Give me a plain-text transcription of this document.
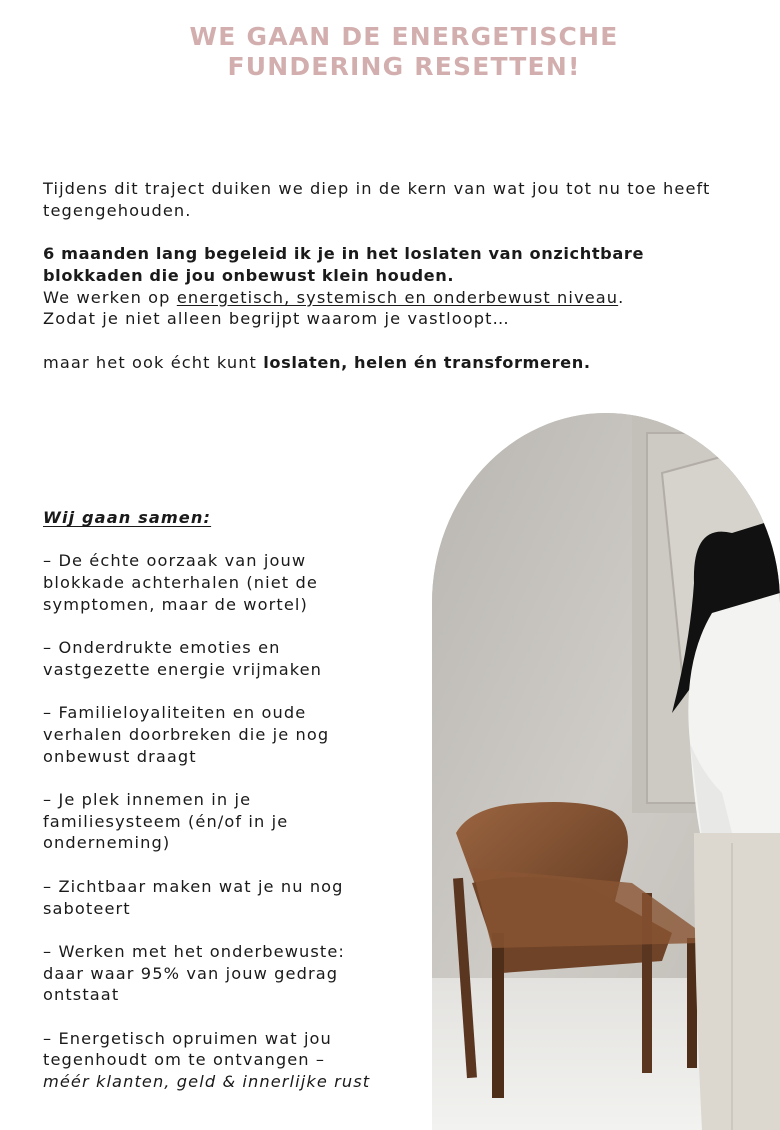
WE GAAN DE ENERGETISCHE
FUNDERING RESETTEN!

Tijdens dit traject duiken we diep in de kern van wat jou tot nu toe heeft tegengehouden.

6 maanden lang begeleid ik je in het loslaten van onzichtbare blokkaden die jou onbewust klein houden.

We werken op energetisch, systemisch en onderbewust niveau.

Zodat je niet alleen begrijpt waarom je vastloopt…

maar het ook écht kunt loslaten, helen én transformeren.

Wij gaan samen:

– De échte oorzaak van jouw blokkade achterhalen (niet de symptomen, maar de wortel)

– Onderdrukte emoties en vastgezette energie vrijmaken

– Familieloyaliteiten en oude verhalen doorbreken die je nog onbewust draagt

– Je plek innemen in je familiesysteem (én/of in je onderneming)

– Zichtbaar maken wat je nu nog saboteert

– Werken met het onderbewuste: daar waar 95% van jouw gedrag ontstaat

– Energetisch opruimen wat jou tegenhoudt om te ontvangen – méér klanten, geld & innerlijke rust
